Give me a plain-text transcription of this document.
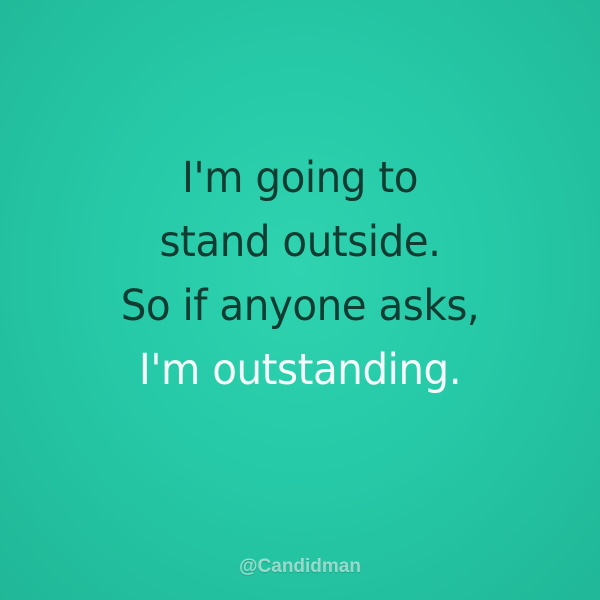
I'm going to
stand outside.
So if anyone asks,
I'm outstanding.
@Candidman
